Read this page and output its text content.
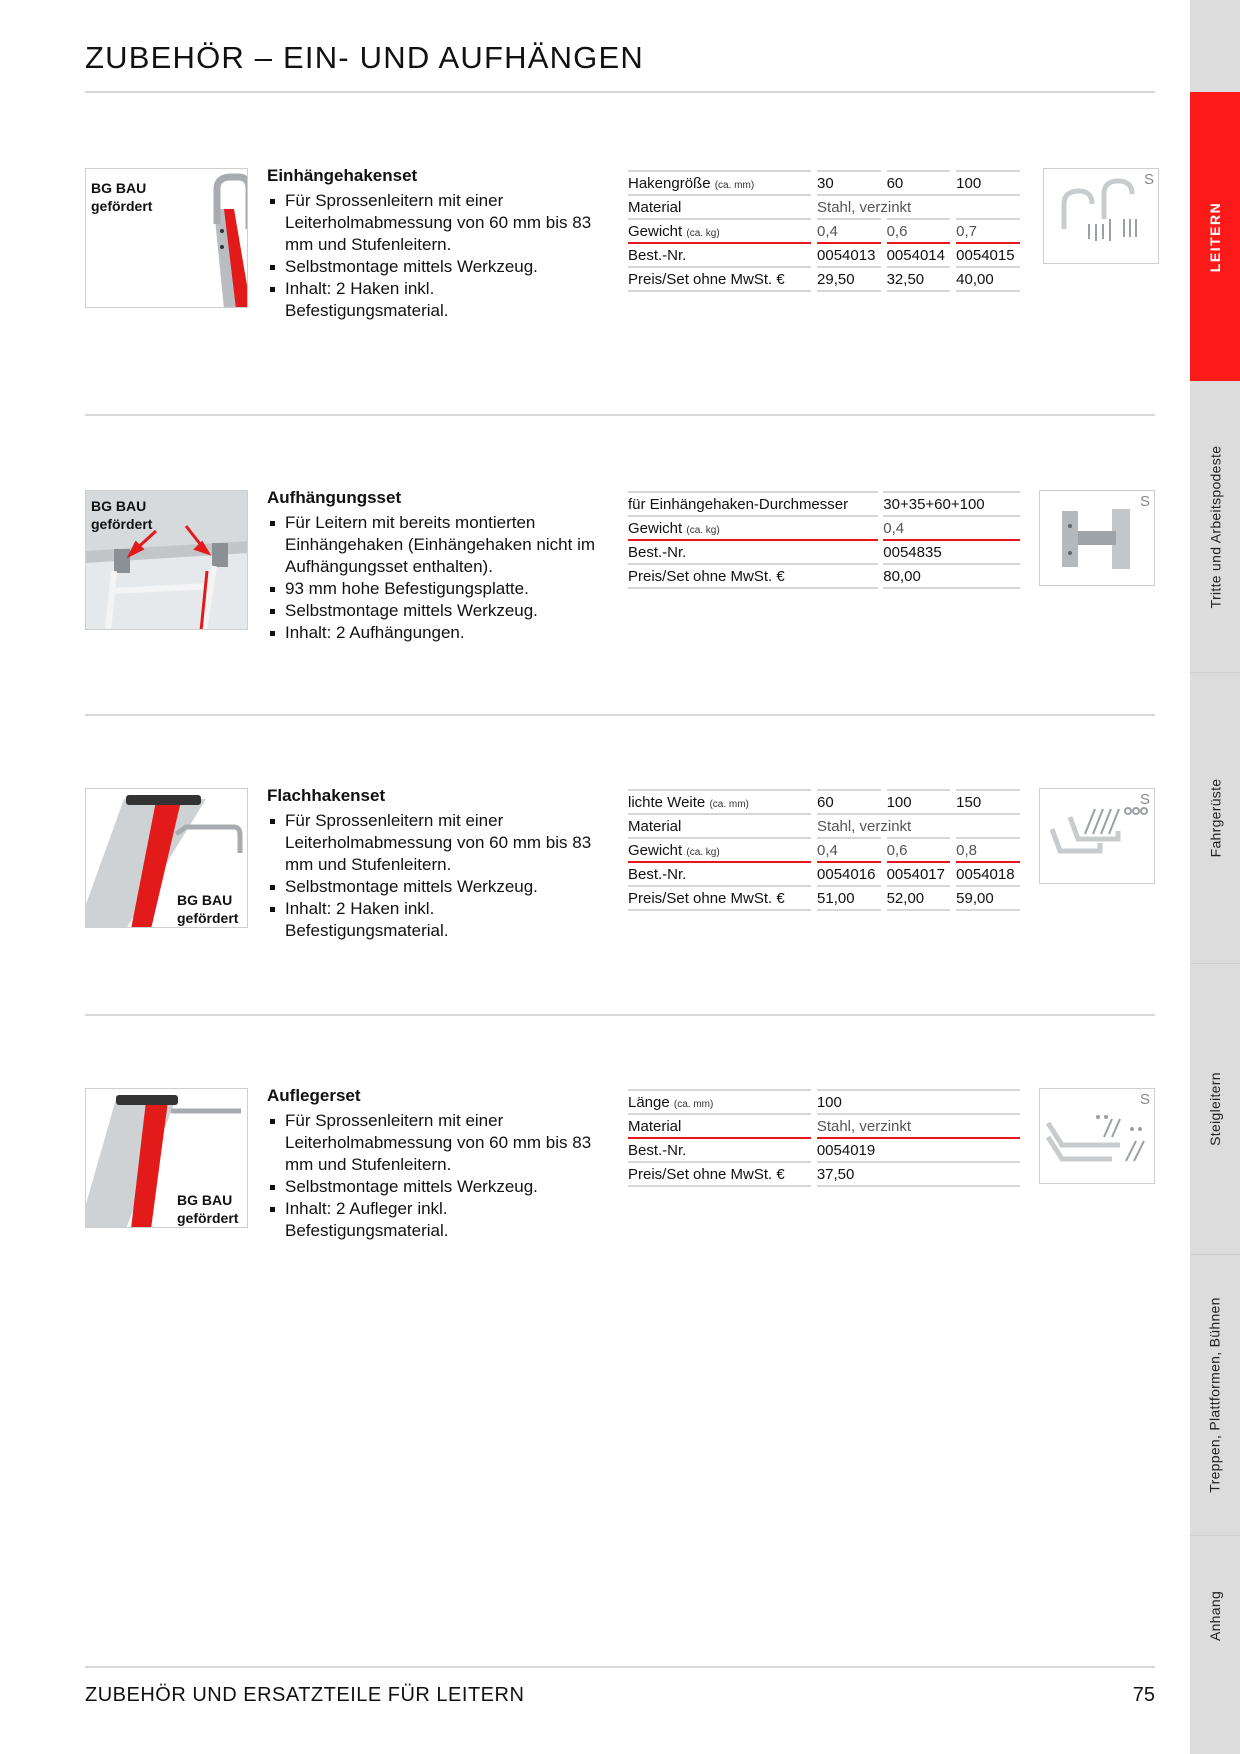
ZUBEHÖR – EIN- UND AUFHÄNGEN
LEITERN
Tritte und Arbeitspodeste
Fahrgerüste
Steigleitern
Treppen, Plattformen, Bühnen
Anhang
BG BAU
gefördert
Einhängehakenset
Für Sprossenleitern mit einer Leiterholmabmessung von 60 mm bis 83 mm und Stufenleitern.
Selbstmontage mittels Werkzeug.
Inhalt: 2 Haken inkl. Befestigungsmaterial.
Hakengröße (ca. mm)		30		60		100
Material		Stahl, verzinkt				
Gewicht (ca. kg)		0,4		0,6		0,7
Best.-Nr.		0054013		0054014		0054015
Preis/Set ohne MwSt. €		29,50		32,50		40,00
S
BG BAU
gefördert
Aufhängungsset
Für Leitern mit bereits montierten Einhängehaken (Einhängehaken nicht im Aufhängungsset enthalten).
93 mm hohe Befestigungsplatte.
Selbstmontage mittels Werkzeug.
Inhalt: 2 Aufhängungen.
für Einhängehaken-Durchmesser		30+35+60+100
Gewicht (ca. kg)		0,4
Best.-Nr.		0054835
Preis/Set ohne MwSt. €		80,00
S
BG BAU
gefördert
Flachhakenset
Für Sprossenleitern mit einer Leiterholmabmessung von 60 mm bis 83 mm und Stufenleitern.
Selbstmontage mittels Werkzeug.
Inhalt: 2 Haken inkl. Befestigungsmaterial.
lichte Weite (ca. mm)		60		100		150
Material		Stahl, verzinkt				
Gewicht (ca. kg)		0,4		0,6		0,8
Best.-Nr.		0054016		0054017		0054018
Preis/Set ohne MwSt. €		51,00		52,00		59,00
S
BG BAU
gefördert
Auflegerset
Für Sprossenleitern mit einer Leiterholmabmessung von 60 mm bis 83 mm und Stufenleitern.
Selbstmontage mittels Werkzeug.
Inhalt: 2 Aufleger inkl. Befestigungsmaterial.
Länge (ca. mm)		100
Material		Stahl, verzinkt
Best.-Nr.		0054019
Preis/Set ohne MwSt. €		37,50
S
ZUBEHÖR UND ERSATZTEILE FÜR LEITERN	75
